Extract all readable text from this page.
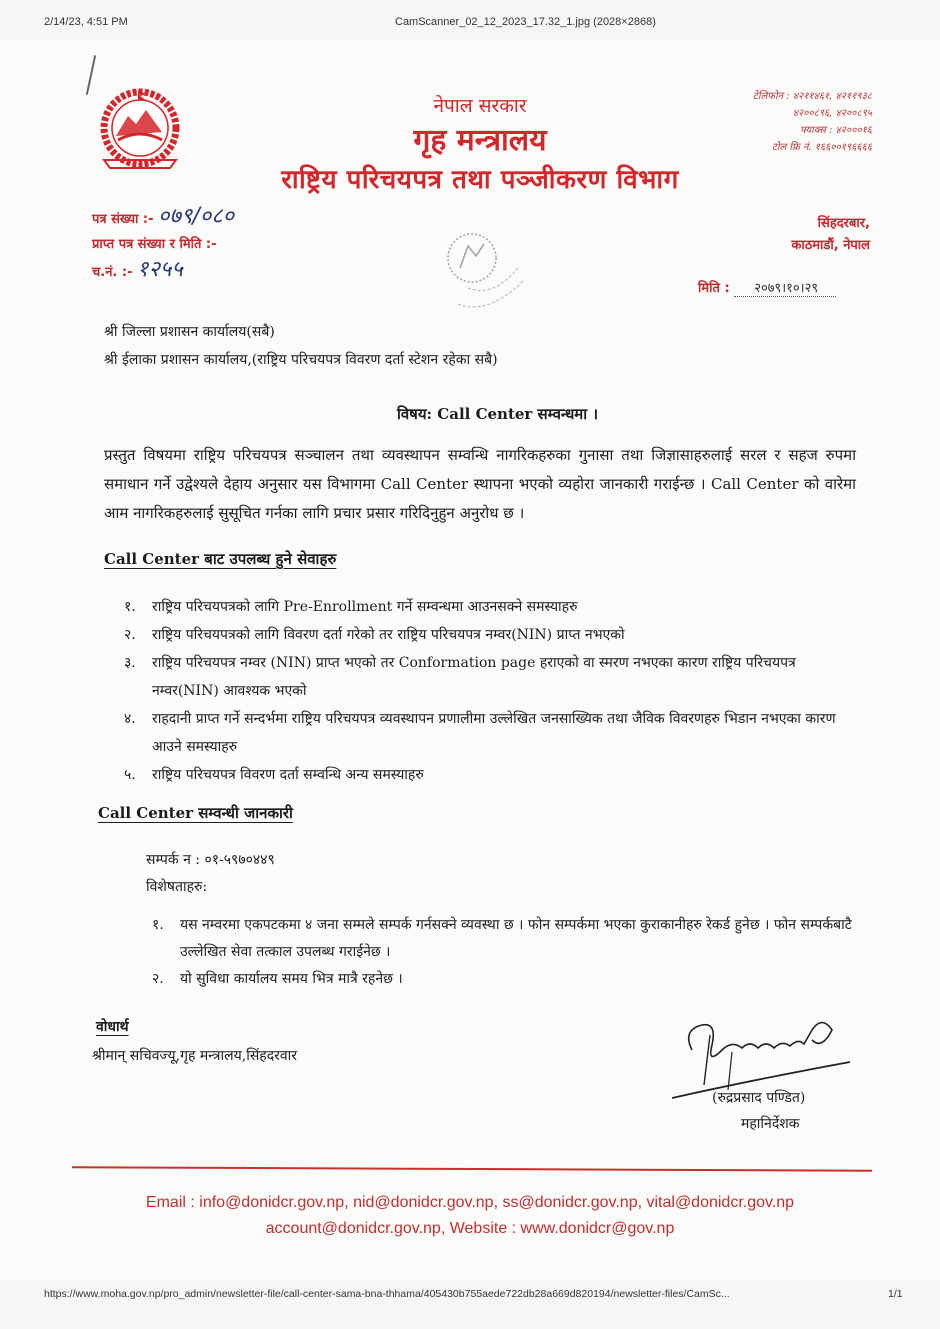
2/14/23, 4:51 PM	CamScanner_02_12_2023_17.32_1.jpg (2028×2868)
नेपाल सरकार
गृह मन्त्रालय
राष्ट्रिय परिचयपत्र तथा पञ्जीकरण विभाग
टेलिफोन : ४२११४६१, ४२११९३८
४२००८९६, ४२००८९५
फ्याक्स : ४२०००१६
टोल फ्रि नं. १६६००१९६६६६
पत्र संख्या :- ०७९/०८०
प्राप्त पत्र संख्या र मिति :-
च.नं. :- १२५५
सिंहदरबार,
काठमाडौं, नेपाल
मिति : २०७९।१०।२९
श्री जिल्ला प्रशासन कार्यालय(सबै)
श्री ईलाका प्रशासन कार्यालय,(राष्ट्रिय परिचयपत्र विवरण दर्ता स्टेशन रहेका सबै)
विषय: Call Center सम्वन्धमा ।
प्रस्तुत विषयमा राष्ट्रिय परिचयपत्र सञ्चालन तथा व्यवस्थापन सम्वन्धि नागरिकहरुका गुनासा तथा जिज्ञासाहरुलाई सरल र सहज रुपमा समाधान गर्ने उद्वेश्यले देहाय अनुसार यस विभागमा Call Center स्थापना भएको व्यहोरा जानकारी गराईन्छ । Call Center को वारेमा आम नागरिकहरुलाई सुसूचित गर्नका लागि प्रचार प्रसार गरिदिनुहुन अनुरोध छ ।
Call Center बाट उपलब्ध हुने सेवाहरु
१.	राष्ट्रिय परिचयपत्रको लागि Pre-Enrollment गर्ने सम्वन्धमा आउनसक्ने समस्याहरु
२.	राष्ट्रिय परिचयपत्रको लागि विवरण दर्ता गरेको तर राष्ट्रिय परिचयपत्र नम्वर(NIN) प्राप्त नभएको
३.	राष्ट्रिय परिचयपत्र नम्वर (NIN) प्राप्त भएको तर Conformation page हराएको वा स्मरण नभएका कारण राष्ट्रिय परिचयपत्र नम्वर(NIN) आवश्यक भएको
४.	राहदानी प्राप्त गर्ने सन्दर्भमा राष्ट्रिय परिचयपत्र व्यवस्थापन प्रणालीमा उल्लेखित जनसाख्यिक तथा जैविक विवरणहरु भिडान नभएका कारण आउने समस्याहरु
५.	राष्ट्रिय परिचयपत्र विवरण दर्ता सम्वन्धि अन्य समस्याहरु
Call Center सम्वन्धी जानकारी
सम्पर्क न : ०१-५९७०४४९
विशेषताहरु:
१.	यस नम्वरमा एकपटकमा ४ जना सम्मले सम्पर्क गर्नसक्ने व्यवस्था छ । फोन सम्पर्कमा भएका कुराकानीहरु रेकर्ड हुनेछ । फोन सम्पर्कबाटै उल्लेखित सेवा तत्काल उपलब्ध गराईनेछ ।
२.	यो सुविधा कार्यालय समय भित्र मात्रै रहनेछ ।
वोधार्थ
श्रीमान् सचिवज्यू,गृह मन्त्रालय,सिंहदरवार
(रुद्रप्रसाद पण्डित)
महानिर्देशक
Email : info@donidcr.gov.np, nid@donidcr.gov.np, ss@donidcr.gov.np, vital@donidcr.gov.np
account@donidcr.gov.np, Website : www.donidcr@gov.np
https://www.moha.gov.np/pro_admin/newsletter-file/call-center-sama-bna-thhama/405430b755aede722db28a669d820194/newsletter-files/CamSc...	1/1
